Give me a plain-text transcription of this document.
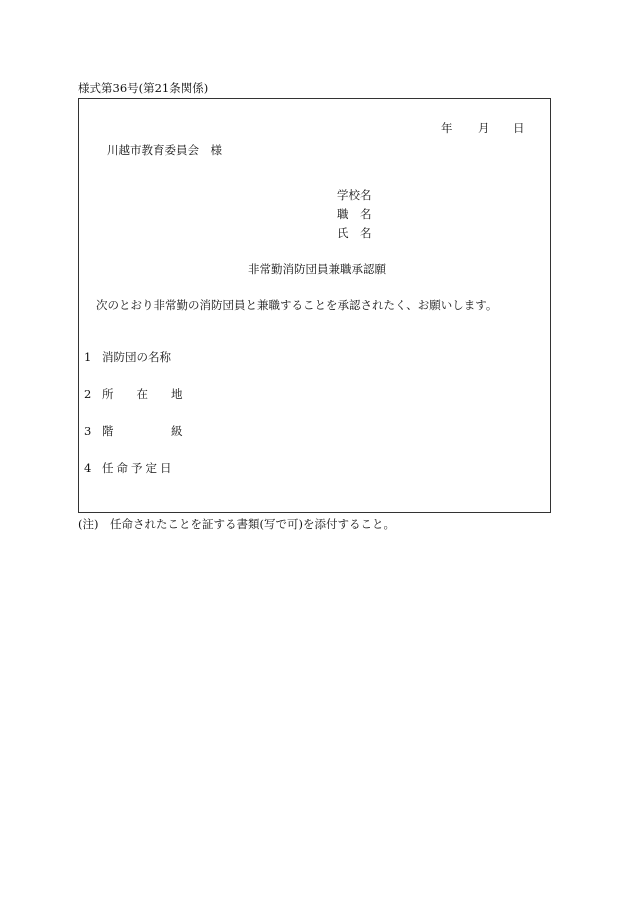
様式第36号(第21条関係)
年 月 日
川越市教育委員会　様
学校名
職　名
氏　名
非常勤消防団員兼職承認願
次のとおり非常勤の消防団員と兼職することを承認されたく、お願いします。
1 消防団の名称
2 所　　在　　地
3 階　　　　　級
4 任命予定日
(注)　任命されたことを証する書類(写で可)を添付すること。
